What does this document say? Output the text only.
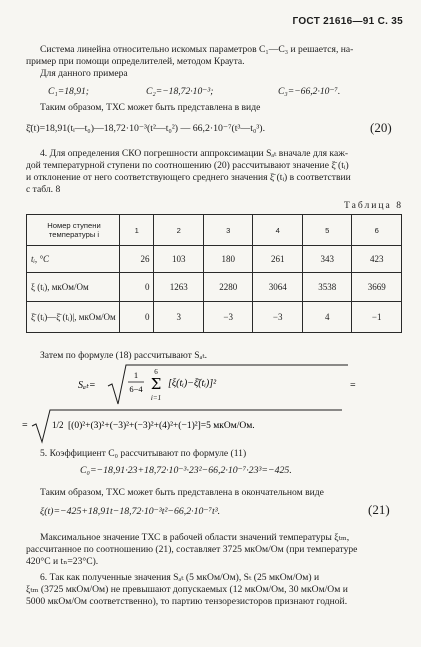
ГОСТ 21616—91 С. 35
Система линейна относительно искомых параметров С₁—С₃ и решается, на-
пример при помощи определителей, методом Краута.
Для данного примера
C₁=18,91;	C₂=−18,72·10⁻³;	C₃=−66,2·10⁻⁷.
Таким образом, ТХС может быть представлена в виде
ξ̄(t)=18,91(tᵢ—t₀)—18,72·10⁻³(t²—t₀²) — 66,2·10⁻⁷(t³—t₀³).	(20)
4. Для определения СКО погрешности аппроксимации Sₐₜ вначале для каж-
дой температурной ступени по соотношению (20) рассчитывают значение ξ̄ (tᵢ)
и отклонение от него соответствующего среднего значения ξ̄ (tᵢ) в соответствии
с табл. 8
Таблица 8
Номер ступени температуры i	1	2	3	4	5	6
tᵢ, °С	26	103	180	261	343	423
ξ (tᵢ), мкОм/Ом	0	1263	2280	3064	3538	3669
ξ̄ (tᵢ)—ξ̄ (tᵢ)|, мкОм/Ом	0	3	−3	−3	4	−1
Затем по формуле (18) рассчитывают Sₐₜ.
Sₐₜ=
1
6−4
6
Σ
i=1
[ξ(tᵢ)−ξ̄(tᵢ)]²	=
=	1/2 [(0)²+(3)²+(−3)²+(−3)²+(4)²+(−1)²]=5 мкОм/Ом.
5. Коэффициент С₀ рассчитывают по формуле (11)
C₀=−18,91·23+18,72·10⁻³·23²−66,2·10⁻⁷·23³=−425.
Таким образом, ТХС может быть представлена в окончательном виде
ξ(t)=−425+18,91t−18,72·10⁻³t²−66,2·10⁻⁷t³.	(21)
Максимальное значение ТХС в рабочей области значений температуры ξₜₘ,
рассчитанное по соотношению (21), составляет 3725 мкОм/Ом (при температуре
420°С и tₙ=23°С).
6. Так как полученные значения Sₐₜ (5 мкОм/Ом), Sₜ (25 мкОм/Ом) и
ξₜₘ (3725 мкОм/Ом) не превышают допускаемых (12 мкОм/Ом, 30 мкОм/Ом и
5000 мкОм/Ом соответственно), то партию тензорезисторов признают годной.
